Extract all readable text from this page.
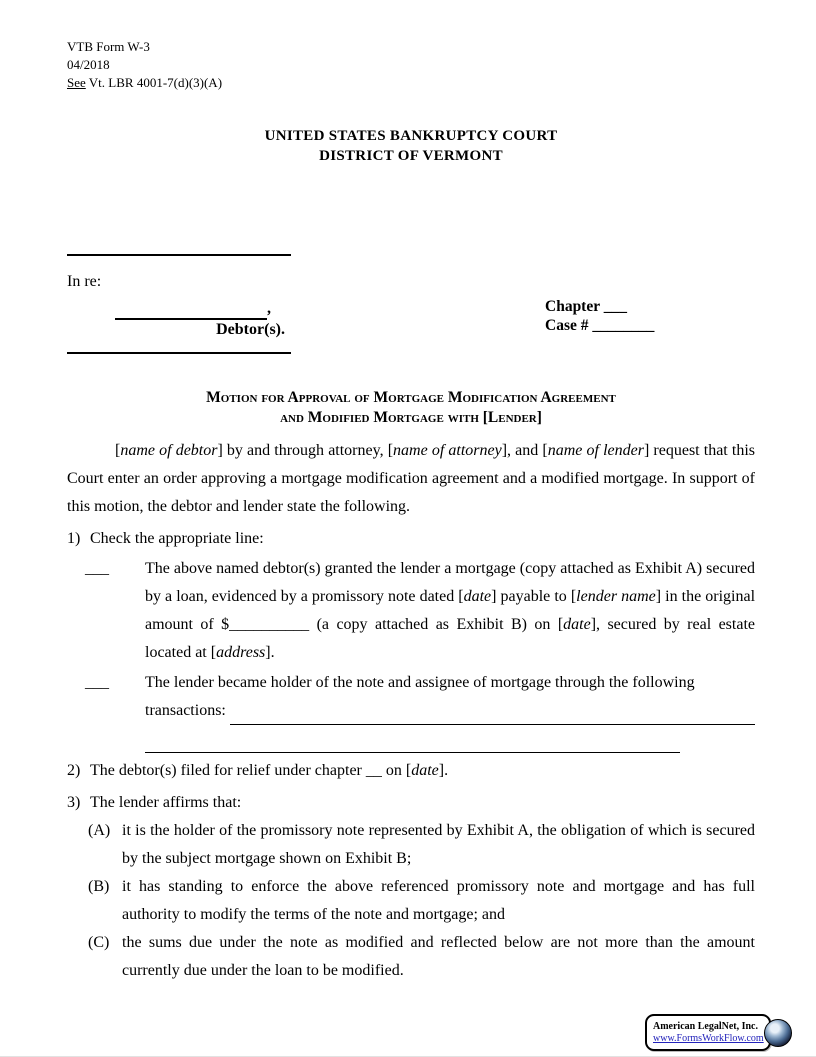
VTB Form W-3
04/2018
See Vt. LBR 4001-7(d)(3)(A)
UNITED STATES BANKRUPTCY COURT
DISTRICT OF VERMONT
In re:
,
Debtor(s).
Chapter ___
Case # ________
Motion for Approval of Mortgage Modification Agreement
and Modified Mortgage with [Lender]
[name of debtor] by and through attorney, [name of attorney], and [name of lender] request that this Court enter an order approving a mortgage modification agreement and a modified mortgage. In support of this motion, the debtor and lender state the following.
1) Check the appropriate line:
___ The above named debtor(s) granted the lender a mortgage (copy attached as Exhibit A) secured by a loan, evidenced by a promissory note dated [date] payable to [lender name] in the original amount of $__________ (a copy attached as Exhibit B) on [date], secured by real estate located at [address].
___ The lender became holder of the note and assignee of mortgage through the following
transactions:
2) The debtor(s) filed for relief under chapter __ on [date].
3) The lender affirms that:
(A) it is the holder of the promissory note represented by Exhibit A, the obligation of which is secured by the subject mortgage shown on Exhibit B;
(B) it has standing to enforce the above referenced promissory note and mortgage and has full authority to modify the terms of the note and mortgage; and
(C) the sums due under the note as modified and reflected below are not more than the amount currently due under the loan to be modified.
American LegalNet, Inc.
www.FormsWorkFlow.com
